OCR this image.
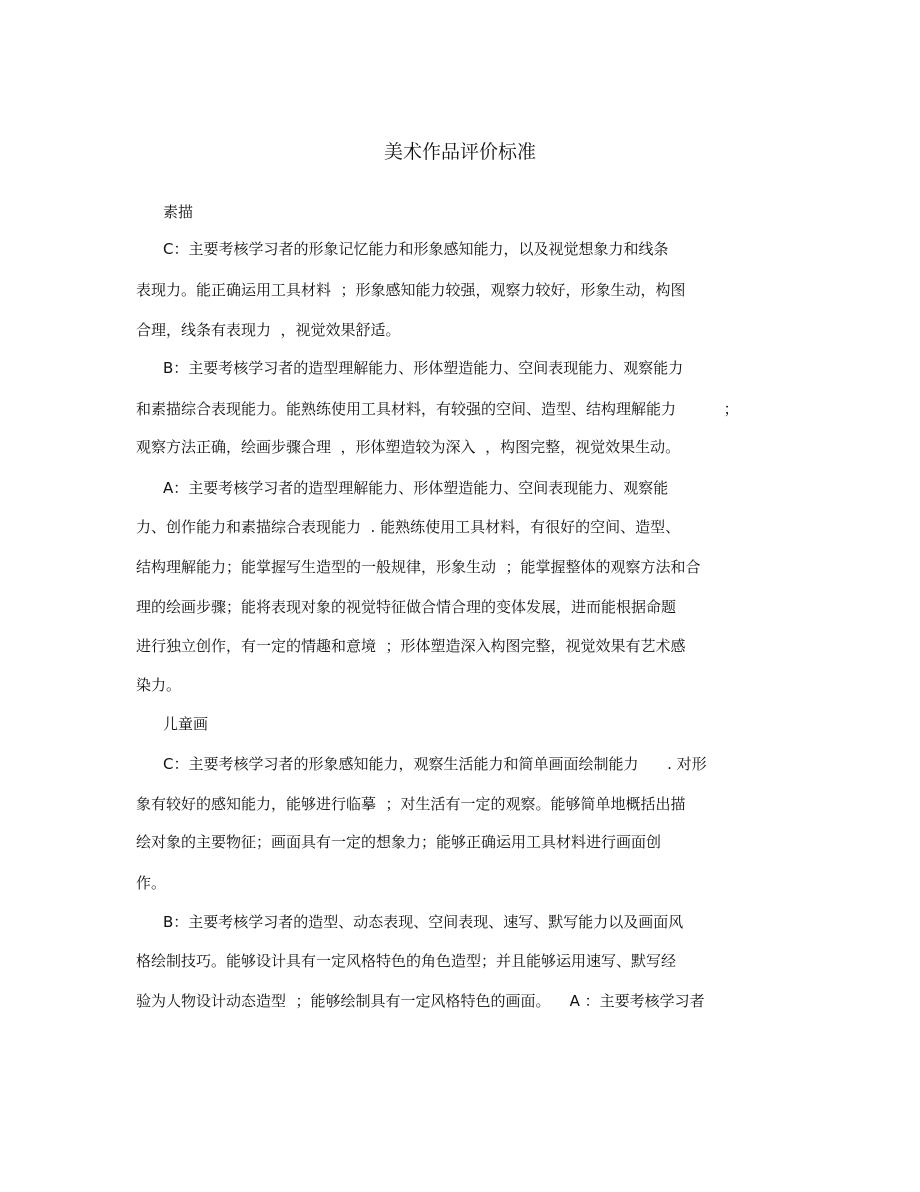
美术作品评价标准

素描

C：主要考核学习者的形象记忆能力和形象感知能力，以及视觉想象力和线条

表现力。能正确运用工具材料  ；形象感知能力较强，观察力较好，形象生动，构图

合理，线条有表现力  ，视觉效果舒适。

B：主要考核学习者的造型理解能力、形体塑造能力、空间表现能力、观察能力

和素描综合表现能力。能熟练使用工具材料，有较强的空间、造型、结构理解能力          ；

观察方法正确，绘画步骤合理  ，形体塑造较为深入  ，构图完整，视觉效果生动。

A：主要考核学习者的造型理解能力、形体塑造能力、空间表现能力、观察能

力、创作能力和素描综合表现能力  . 能熟练使用工具材料，有很好的空间、造型、

结构理解能力；能掌握写生造型的一般规律，形象生动  ；能掌握整体的观察方法和合

理的绘画步骤；能将表现对象的视觉特征做合情合理的变体发展，进而能根据命题

进行独立创作，有一定的情趣和意境  ；形体塑造深入构图完整，视觉效果有艺术感

染力。

儿童画

C：主要考核学习者的形象感知能力，观察生活能力和简单画面绘制能力      . 对形

象有较好的感知能力，能够进行临摹  ；对生活有一定的观察。能够简单地概括出描

绘对象的主要物征；画面具有一定的想象力；能够正确运用工具材料进行画面创

作。

B：主要考核学习者的造型、动态表现、空间表现、速写、默写能力以及画面风

格绘制技巧。能够设计具有一定风格特色的角色造型；并且能够运用速写、默写经

验为人物设计动态造型  ；能够绘制具有一定风格特色的画面。    A ：主要考核学习者
